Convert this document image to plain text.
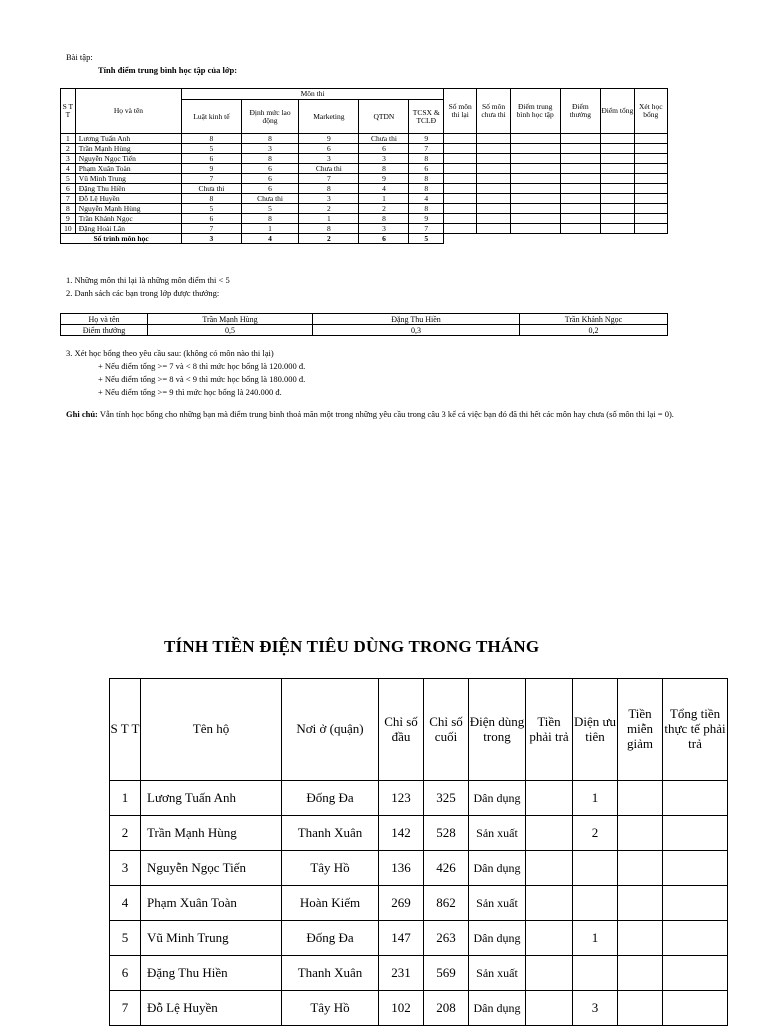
Bài tập:
Tính điểm trung bình học tập của lớp:
S T T	Họ và tên	Môn thi					Số môn thi lại	Số môn chưa thi	Điểm trung bình học tập	Điểm thưởng	Điểm tổng	Xét học bổng
		Luật kinh tế	Định mức lao động	Marketing	QTDN	TCSX & TCLĐ						
1	Lương Tuấn Anh	8	8	9	Chưa thi	9						
2	Trần Mạnh Hùng	5	3	6	6	7						
3	Nguyễn Ngọc Tiến	6	8	3	3	8						
4	Phạm Xuân Toàn	9	6	Chưa thi	8	6						
5	Vũ Minh Trung	7	6	7	9	8						
6	Đặng Thu Hiền	Chưa thi	6	8	4	8						
7	Đỗ Lệ Huyền	8	Chưa thi	3	1	4						
8	Nguyễn Mạnh Hùng	5	5	2	2	8						
9	Trần Khánh Ngọc	6	8	1	8	9						
10	Đặng Hoài Lân	7	1	8	3	7						
Số trình môn học		3	4	2	6	5						
1. Những môn thi lại là những môn điểm thi < 5
2. Danh sách các bạn trong lớp được thưởng:
Họ và tên	Trần Mạnh Hùng	Đặng Thu Hiền	Trần Khánh Ngọc
Điểm thưởng	0,5	0,3	0,2
3. Xét học bổng theo yêu cầu sau: (không có môn nào thi lại)
+ Nếu điểm tổng >= 7 và < 8 thì mức học bổng là 120.000 đ.
+ Nếu điểm tổng >= 8 và < 9 thì mức học bổng là 180.000 đ.
+ Nếu điểm tổng >= 9 thì mức học bổng là 240.000 đ.
Ghi chú: Vẫn tính học bổng cho những bạn mà điểm trung bình thoả mãn một trong những yêu cầu trong câu 3 kể cả việc bạn đó đã thi hết các môn hay chưa (số môn thi lại = 0).
TÍNH TIỀN ĐIỆN TIÊU DÙNG TRONG THÁNG
S T T	Tên hộ	Nơi ở (quận)	Chỉ số đầu	Chỉ số cuối	Điện dùng trong	Tiền phải trả	Diện ưu tiên	Tiền miễn giảm	Tổng tiền thực tế phải trả
1	Lương Tuấn Anh	Đống Đa	123	325	Dân dụng		1		
2	Trần Mạnh Hùng	Thanh Xuân	142	528	Sản xuất		2		
3	Nguyễn Ngọc Tiến	Tây Hồ	136	426	Dân dụng				
4	Phạm Xuân Toàn	Hoàn Kiếm	269	862	Sản xuất				
5	Vũ Minh Trung	Đống Đa	147	263	Dân dụng		1		
6	Đặng Thu Hiền	Thanh Xuân	231	569	Sản xuất				
7	Đỗ Lệ Huyền	Tây Hồ	102	208	Dân dụng		3		
